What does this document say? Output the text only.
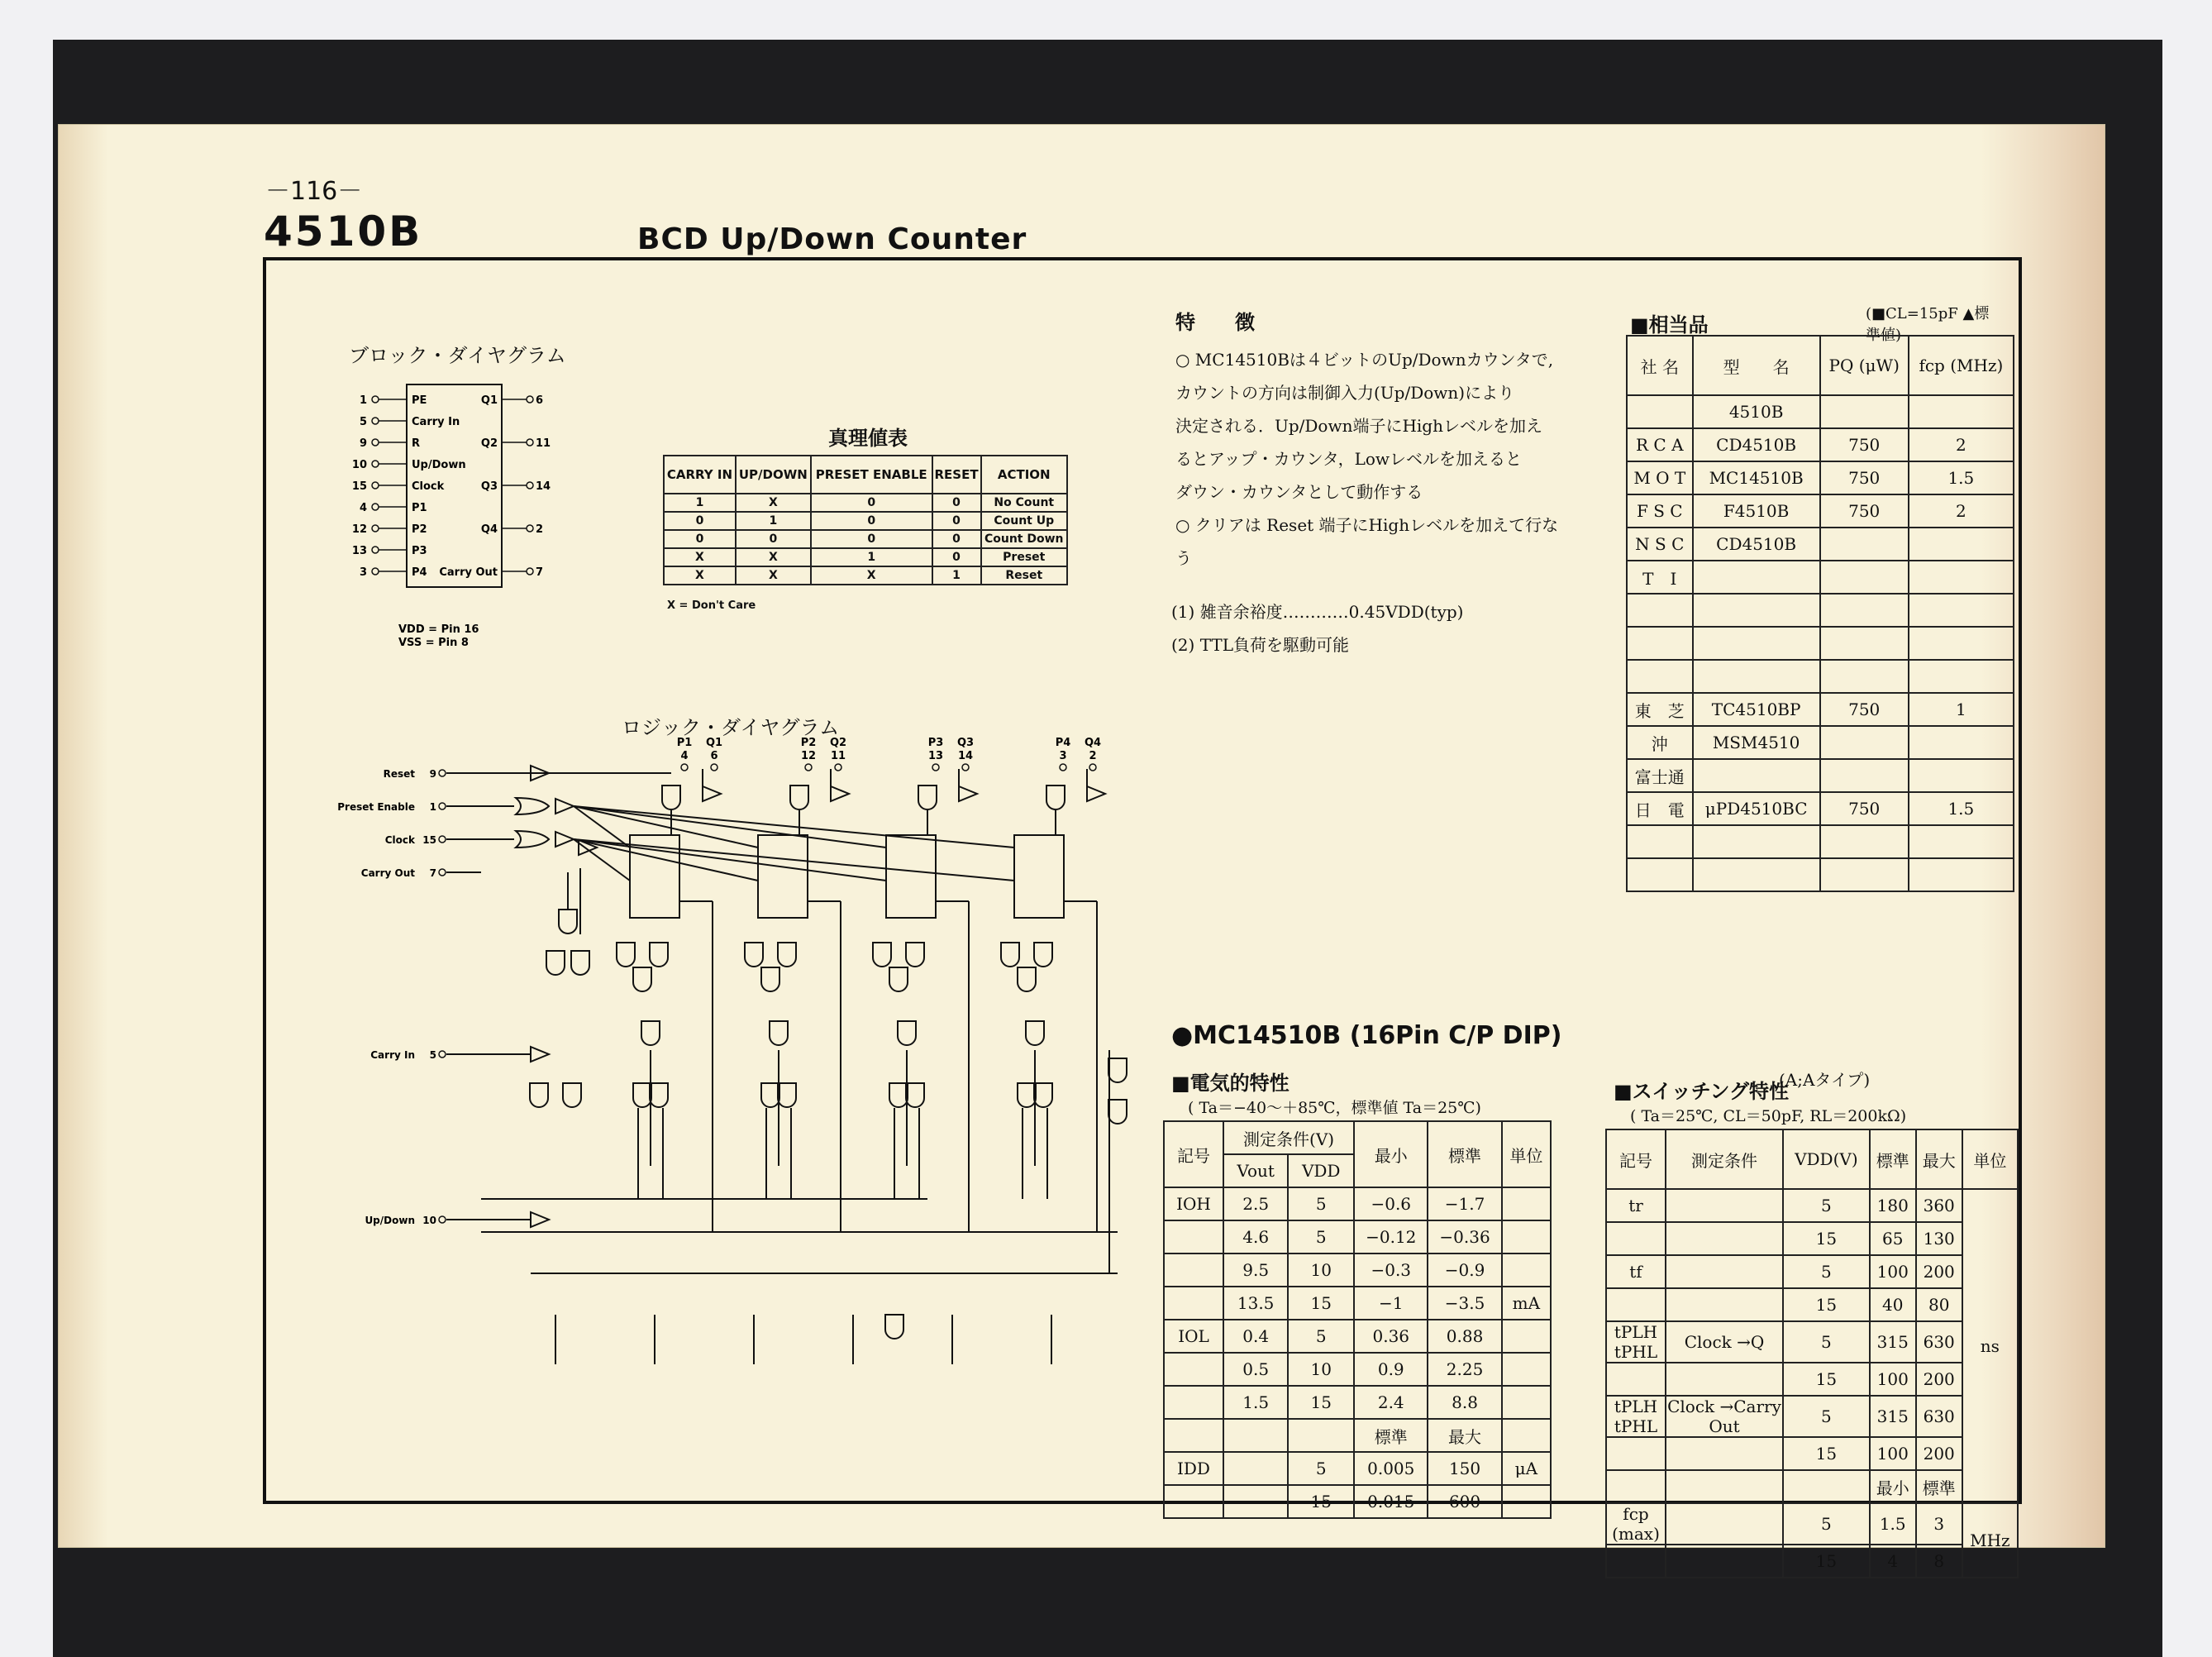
－116－
4510B	BCD Up/Down Counter
ブロック・ダイヤグラム
1	PE
5	Carry In
9	R
10	Up/Down
15	Clock
4	P1
12	P2
13	P3
3	P4
Q1	6
Q2	11
Q3	14
Q4	2
Carry Out	7
VDD = Pin 16
VSS = Pin 8
真理値表
CARRY IN	UP/DOWN	PRESET ENABLE	RESET	ACTION
1	X	0	0	No Count
0	1	0	0	Count Up
0	0	0	0	Count Down
X	X	1	0	Preset
X	X	X	1	Reset
X = Don't Care
ロジック・ダイヤグラム
P1
4
Q1
6
P2
12
Q2
11
P3
13
Q3
14
P4
3
Q4
2
Reset 9
Preset Enable 1
Clock 15
Carry Out 7
Carry In 5
Up/Down 10
特　　徴
○ MC14510Bは４ビットのUp/Downカウンタで,
カウントの方向は制御入力(Up/Down)により
決定される．Up/Down端子にHighレベルを加え
るとアップ・カウンタ，Lowレベルを加えると
ダウン・カウンタとして動作する
○ クリアは Reset 端子にHighレベルを加えて行な
う
(1) 雑音余裕度…………0.45VDD(typ)
(2) TTL負荷を駆動可能
■相当品	(■CL=15pF ▲標準値)
社 名	型　　名	PQ (μW)	fcp (MHz)
	4510B		
R C A	CD4510B	750	2
M O T	MC14510B	750	1.5
F S C	F4510B	750	2
N S C	CD4510B		
T　I			

東　芝	TC4510BP	750	1
沖	MSM4510		
富士通			
日　電	μPD4510BC	750	1.5

(A;Aタイプ)
●MC14510B (16Pin C/P DIP)
■電気的特性
( Ta＝−40〜＋85℃，標準値 Ta＝25℃)
記号	測定条件(V)		最小	標準	単位
	Vout	VDD			
IOH	2.5	5	−0.6	−1.7	
	4.6	5	−0.12	−0.36	
	9.5	10	−0.3	−0.9	
	13.5	15	−1	−3.5	mA
IOL	0.4	5	0.36	0.88	
	0.5	10	0.9	2.25	
	1.5	15	2.4	8.8	
			標準	最大	
IDD		5	0.005	150	μA
		15	0.015	600	
■スイッチング特性
( Ta＝25℃, CL＝50pF, RL＝200kΩ)
記号	測定条件	VDD(V)	標準	最大	単位
tr		5	180	360	ns
		15	65	130	
tf		5	100	200	
		15	40	80	
tPLH tPHL	Clock →Q	5	315	630	
		15	100	200	
tPLH tPHL	Clock →Carry Out	5	315	630	
		15	100	200	
			最小	標準	
fcp (max)		5	1.5	3	MHz
		15	4	8	
